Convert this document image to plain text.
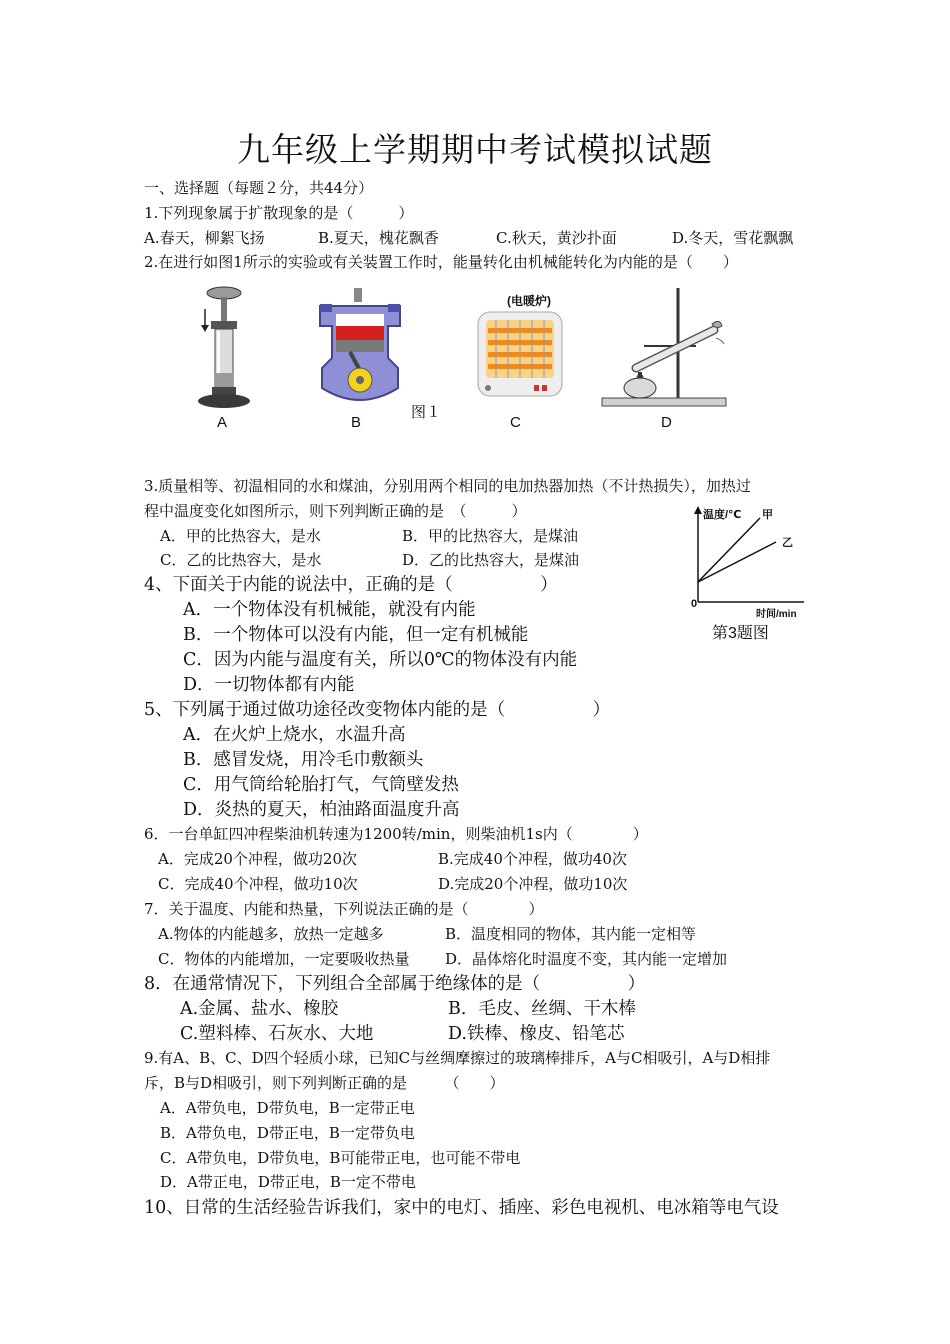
九年级上学期期中考试模拟试题
一、选择题（每题２分，共44分）
1.下列现象属于扩散现象的是（　　　）
A.春天，柳絮飞扬	B.夏天，槐花飘香	C.秋天，黄沙扑面	D.冬天，雪花飘飘
2.在进行如图1所示的实验或有关装置工作时，能量转化由机械能转化为内能的是（　　）
A	B
图１
(电暖炉)
C	D
3.质量相等、初温相同的水和煤油，分别用两个相同的电加热器加热（不计热损失），加热过
程中温度变化如图所示，则下列判断正确的是　（　　　）
A．甲的比热容大，是水	B．甲的比热容大，是煤油
C．乙的比热容大，是水	D．乙的比热容大，是煤油
温度/℃ 甲
乙
0
时间/min
第3题图
4、下面关于内能的说法中，正确的是（　　　　　）
A．一个物体没有机械能，就没有内能
B．一个物体可以没有内能，但一定有机械能
C．因为内能与温度有关，所以0℃的物体没有内能
D．一切物体都有内能
5、下列属于通过做功途径改变物体内能的是（　　　　　）
A．在火炉上烧水，水温升高
B．感冒发烧，用冷毛巾敷额头
C．用气筒给轮胎打气，气筒壁发热
D．炎热的夏天，柏油路面温度升高
6．一台单缸四冲程柴油机转速为1200转/min，则柴油机1s内（　　　　）
A．完成20个冲程，做功20次	B.完成40个冲程，做功40次
C．完成40个冲程，做功10次	D.完成20个冲程，做功10次
7．关于温度、内能和热量，下列说法正确的是（　　　　）
A.物体的内能越多，放热一定越多	B．温度相同的物体，其内能一定相等
C．物体的内能增加，一定要吸收热量 D．晶体熔化时温度不变，其内能一定增加
8．在通常情况下，下列组合全部属于绝缘体的是（　　　　　）
A.金属、盐水、橡胶	B．毛皮、丝绸、干木棒
C.塑料棒、石灰水、大地	D.铁棒、橡皮、铅笔芯
9.有A、B、C、D四个轻质小球，已知C与丝绸摩擦过的玻璃棒排斥，A与C相吸引，A与D相排
斥，B与D相吸引，则下列判断正确的是　　　（　　）
A．A带负电，D带负电，B一定带正电
B．A带负电，D带正电，B一定带负电
C．A带负电，D带负电，B可能带正电，也可能不带电
D．A带正电，D带正电，B一定不带电
10、日常的生活经验告诉我们，家中的电灯、插座、彩色电视机、电冰箱等电气设
